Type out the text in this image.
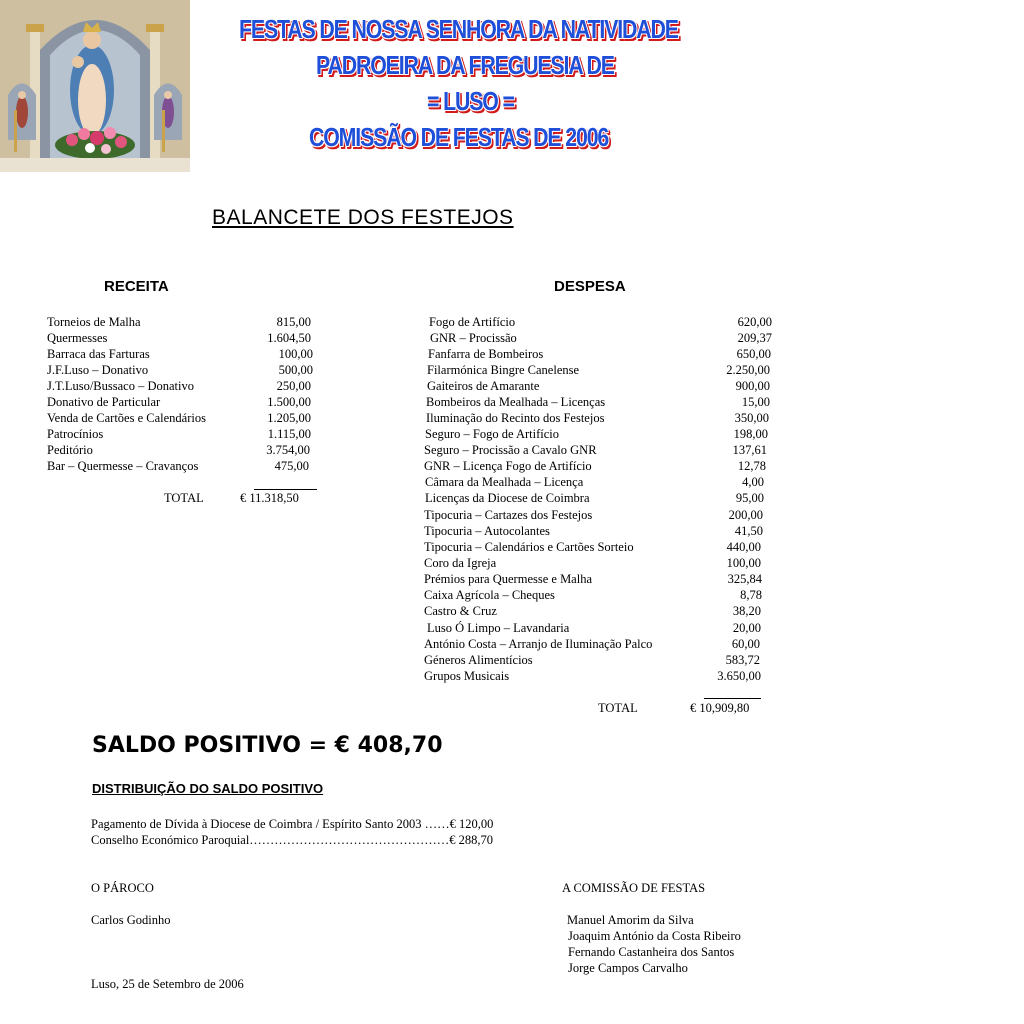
FESTAS DE NOSSA SENHORA DA NATIVIDADE
PADROEIRA DA FREGUESIA DE
= LUSO =
COMISSÃO DE FESTAS DE 2006
BALANCETE DOS FESTEJOS
RECEITA
Torneios de Malha	815,00
Quermesses	1.604,50
Barraca das Farturas	100,00
J.F.Luso – Donativo	500,00
J.T.Luso/Bussaco – Donativo	250,00
Donativo de Particular	1.500,00
Venda de Cartões e Calendários	1.205,00
Patrocínios	1.115,00
Peditório	3.754,00
Bar – Quermesse – Cravanços	475,00
TOTAL	€ 11.318,50
DESPESA
Fogo de Artifício	620,00
GNR – Procissão	209,37
Fanfarra de Bombeiros	650,00
Filarmónica Bingre Canelense	2.250,00
Gaiteiros de Amarante	900,00
Bombeiros da Mealhada – Licenças	15,00
Iluminação do Recinto dos Festejos	350,00
Seguro – Fogo de Artifício	198,00
Seguro – Procissão a Cavalo GNR	137,61
GNR – Licença Fogo de Artifício	12,78
Câmara da Mealhada – Licença	4,00
Licenças da Diocese de Coimbra	95,00
Tipocuria – Cartazes dos Festejos	200,00
Tipocuria – Autocolantes	41,50
Tipocuria – Calendários e Cartões Sorteio	440,00
Coro da Igreja	100,00
Prémios para Quermesse e Malha	325,84
Caixa Agrícola – Cheques	8,78
Castro & Cruz	38,20
Luso Ó Limpo – Lavandaria	20,00
António Costa – Arranjo de Iluminação Palco	60,00
Géneros Alimentícios	583,72
Grupos Musicais	3.650,00
TOTAL	€ 10,909,80
SALDO POSITIVO = € 408,70
DISTRIBUIÇÃO DO SALDO POSITIVO
Pagamento de Dívida à Diocese de Coimbra / Espírito Santo 2003 ……€ 120,00
Conselho Económico Paroquial…………………………………………€ 288,70
O PÁROCO
Carlos Godinho
A COMISSÃO DE FESTAS
Manuel Amorim da Silva
Joaquim António da Costa Ribeiro
Fernando Castanheira dos Santos
Jorge Campos Carvalho
Luso, 25 de Setembro de 2006
